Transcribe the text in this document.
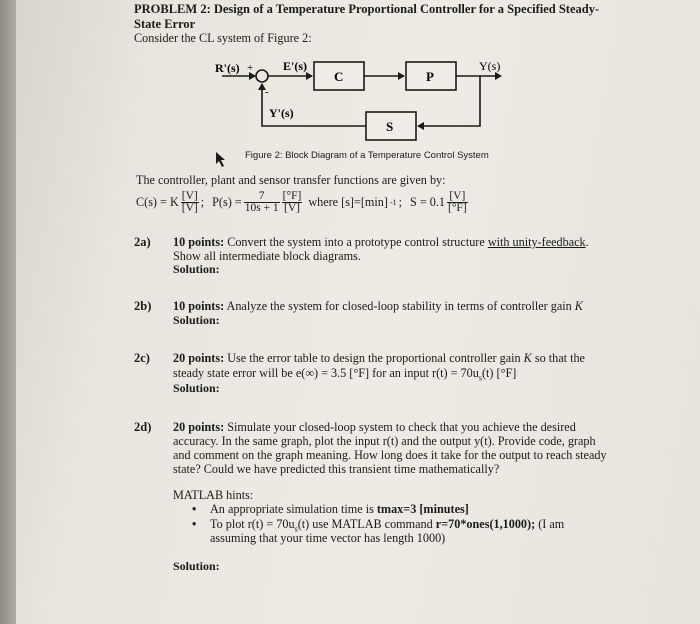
PROBLEM 2: Design of a Temperature Proportional Controller for a Specified Steady-
State Error
Consider the CL system of Figure 2:
R'(s) +
-
E'(s)
C	P
Y(s)
Y'(s)
S
Figure 2: Block Diagram of a Temperature Control System
The controller, plant and sensor transfer functions are given by:
C(s) = K $\frac{[V]}{[V]}$ ; $P(s) = \frac{7}{10s + 1} \frac{[^\circ F]}{[V]}$ where [s]=[min] -1 ; $S = 0.1 \frac{[V]}{[^\circ F]}$
2a) 10 points: Convert the system into a prototype control structure with unity-feedback.
Show all intermediate block diagrams.
Solution:
2b) 10 points: Analyze the system for closed-loop stability in terms of controller gain K
Solution:
2c) 20 points: Use the error table to design the proportional controller gain K so that the
steady state error will be e(∞) = 3.5 [°F] for an input $r(t) = 70u_s(t)$ [°F]
Solution:
2d) 20 points: Simulate your closed-loop system to check that you achieve the desired
accuracy. In the same graph, plot the input r(t) and the output y(t). Provide code, graph
and comment on the graph meaning. How long does it take for the output to reach steady
state? Could we have predicted this transient time mathematically?
MATLAB hints:
• An appropriate simulation time is tmax=3 [minutes]
• To plot $r(t) = 70u_s(t)$ use MATLAB command r=70*ones(1,1000); (I am
assuming that your time vector has length 1000)
Solution:
